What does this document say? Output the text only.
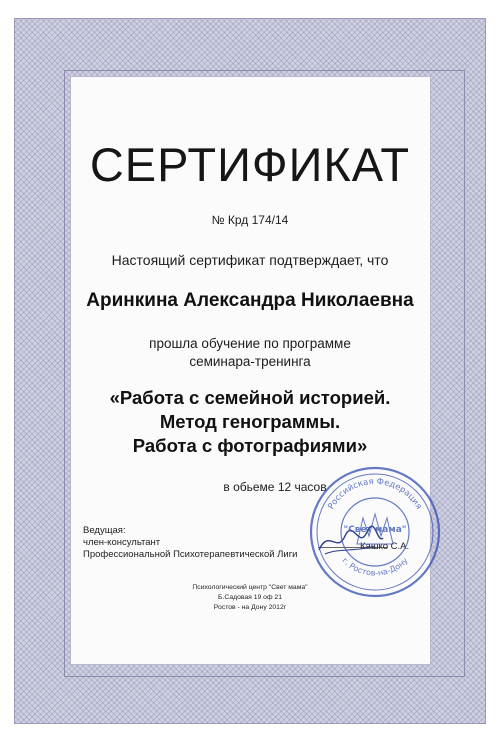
СЕРТИФИКАТ
№ Крд 174/14
Настоящий сертификат подтверждает, что
Аринкина Александра Николаевна
прошла обучение по программе
семинара-тренинга
«Работа с семейной историей.
Метод генограммы.
Работа с фотографиями»
в обьеме 12 часов
Ведущая:
член-консультант
Профессиональной Психотерапевтической Лиги
Кашко С.А.
Психологический центр "Свет мама"
Б.Садовая 19 оф 21
Ростов - на Дону 2012г
Российская Федерация
г. Ростов-на-Дону
"Свет мама"
